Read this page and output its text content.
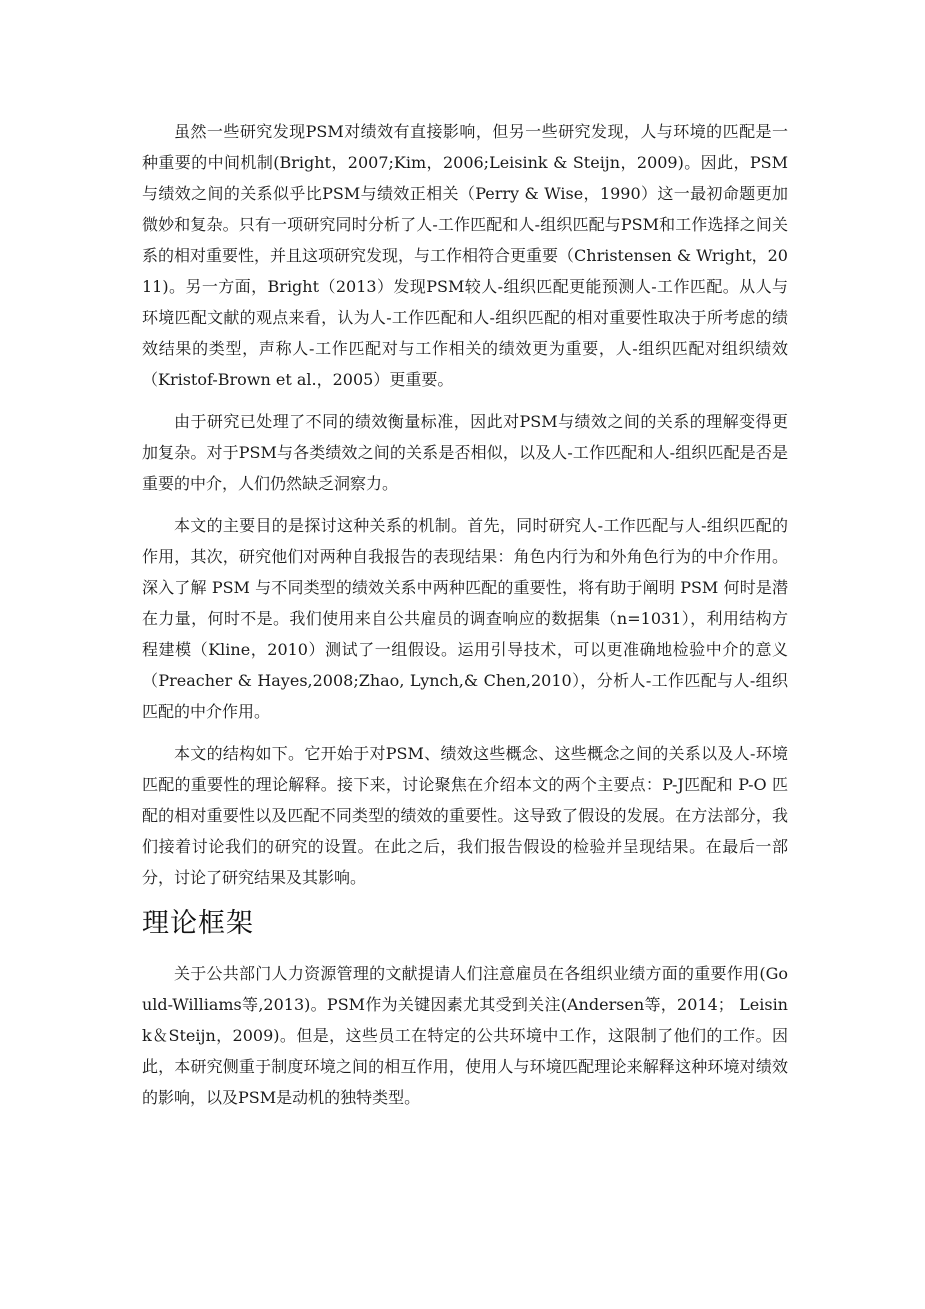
虽然一些研究发现PSM对绩效有直接影响，但另一些研究发现，人与环境的匹配是一种重要的中间机制(Bright，2007;Kim，2006;Leisink & Steijn，2009)。因此，PSM与绩效之间的关系似乎比PSM与绩效正相关（Perry & Wise，1990）这一最初命题更加微妙和复杂。只有一项研究同时分析了人-工作匹配和人-组织匹配与PSM和工作选择之间关系的相对重要性，并且这项研究发现，与工作相符合更重要（Christensen & Wright，2011)。另一方面，Bright（2013）发现PSM较人-组织匹配更能预测人-工作匹配。从人与环境匹配文献的观点来看，认为人-工作匹配和人-组织匹配的相对重要性取决于所考虑的绩效结果的类型，声称人-工作匹配对与工作相关的绩效更为重要，人-组织匹配对组织绩效（Kristof-Brown et al.，2005）更重要。

由于研究已处理了不同的绩效衡量标准，因此对PSM与绩效之间的关系的理解变得更加复杂。对于PSM与各类绩效之间的关系是否相似，以及人-工作匹配和人-组织匹配是否是重要的中介，人们仍然缺乏洞察力。

本文的主要目的是探讨这种关系的机制。首先，同时研究人-工作匹配与人-组织匹配的作用，其次，研究他们对两种自我报告的表现结果：角色内行为和外角色行为的中介作用。深入了解 PSM 与不同类型的绩效关系中两种匹配的重要性，将有助于阐明 PSM 何时是潜在力量，何时不是。我们使用来自公共雇员的调查响应的数据集（n=1031），利用结构方程建模（Kline，2010）测试了一组假设。运用引导技术，可以更准确地检验中介的意义（Preacher & Hayes,2008;Zhao, Lynch,& Chen,2010），分析人-工作匹配与人-组织匹配的中介作用。

本文的结构如下。它开始于对PSM、绩效这些概念、这些概念之间的关系以及人-环境匹配的重要性的理论解释。接下来，讨论聚焦在介绍本文的两个主要点：P-J匹配和 P-O 匹配的相对重要性以及匹配不同类型的绩效的重要性。这导致了假设的发展。在方法部分，我们接着讨论我们的研究的设置。在此之后，我们报告假设的检验并呈现结果。在最后一部分，讨论了研究结果及其影响。

理论框架

关于公共部门人力资源管理的文献提请人们注意雇员在各组织业绩方面的重要作用(Gould-Williams等,2013)。PSM作为关键因素尤其受到关注(Andersen等，2014； Leisink＆Steijn，2009)。但是，这些员工在特定的公共环境中工作，这限制了他们的工作。因此，本研究侧重于制度环境之间的相互作用，使用人与环境匹配理论来解释这种环境对绩效的影响，以及PSM是动机的独特类型。
